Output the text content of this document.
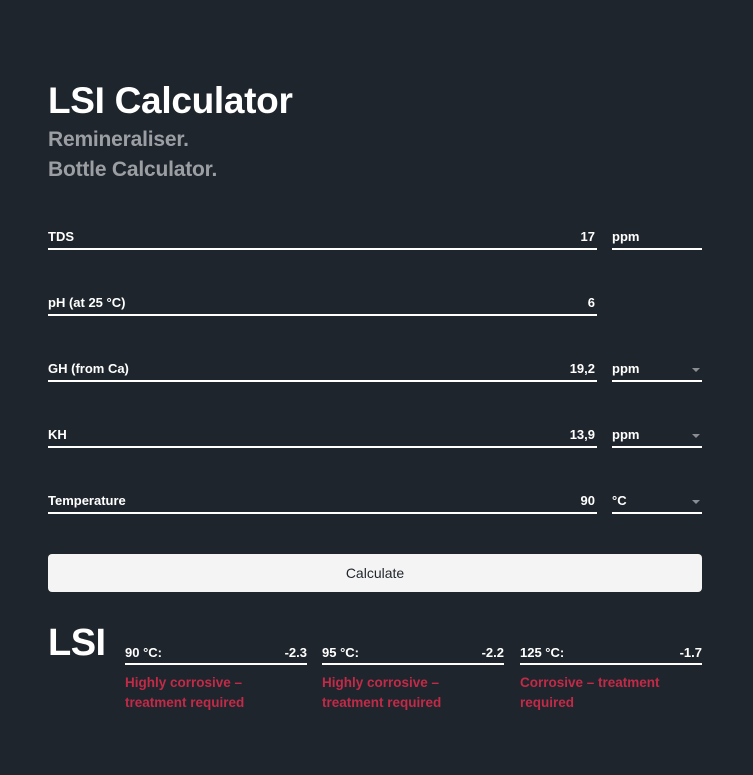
LSI Calculator
Remineraliser.
Bottle Calculator.
TDS	17 ppm
pH (at 25 °C)	6
GH (from Ca)	19,2 ppm
KH	13,9 ppm
Temperature	90 °C
Calculate
LSI 90 °C:	-2.3
Highly corrosive – treatment required
95 °C:	-2.2
Highly corrosive – treatment required
125 °C:	-1.7
Corrosive – treatment required
